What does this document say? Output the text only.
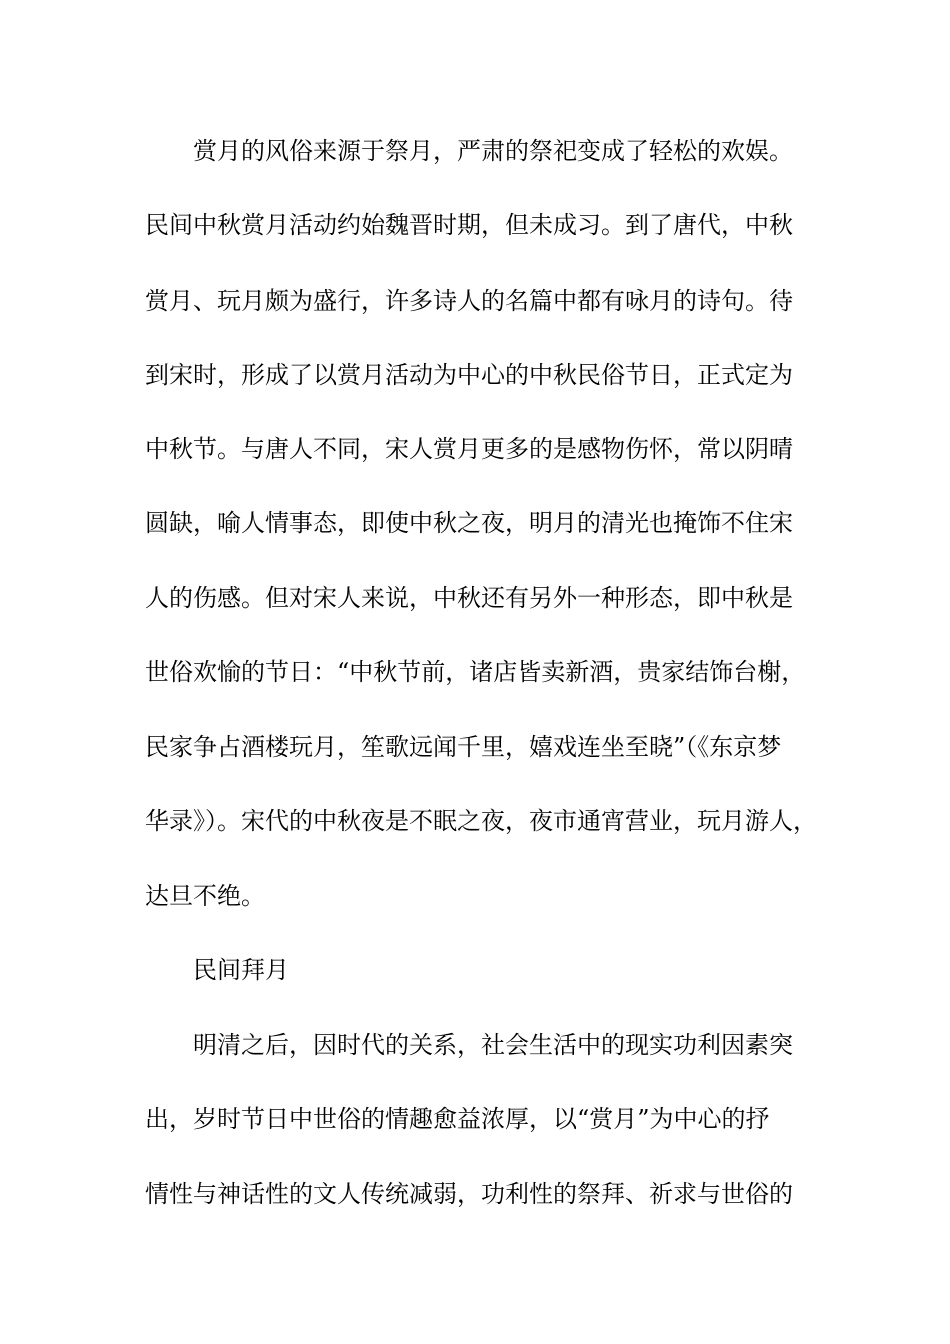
赏月的风俗来源于祭月，严肃的祭祀变成了轻松的欢娱。
民间中秋赏月活动约始魏晋时期，但未成习。到了唐代，中秋
赏月、玩月颇为盛行，许多诗人的名篇中都有咏月的诗句。待
到宋时，形成了以赏月活动为中心的中秋民俗节日，正式定为
中秋节。与唐人不同，宋人赏月更多的是感物伤怀，常以阴晴
圆缺，喻人情事态，即使中秋之夜，明月的清光也掩饰不住宋
人的伤感。但对宋人来说，中秋还有另外一种形态，即中秋是
世俗欢愉的节日：“中秋节前，诸店皆卖新酒，贵家结饰台榭，
民家争占酒楼玩月，笙歌远闻千里，嬉戏连坐至晓”（《东京梦
华录》）。宋代的中秋夜是不眠之夜，夜市通宵营业，玩月游人，
达旦不绝。
民间拜月
明清之后，因时代的关系，社会生活中的现实功利因素突
出，岁时节日中世俗的情趣愈益浓厚，以“赏月”为中心的抒
情性与神话性的文人传统减弱，功利性的祭拜、祈求与世俗的
